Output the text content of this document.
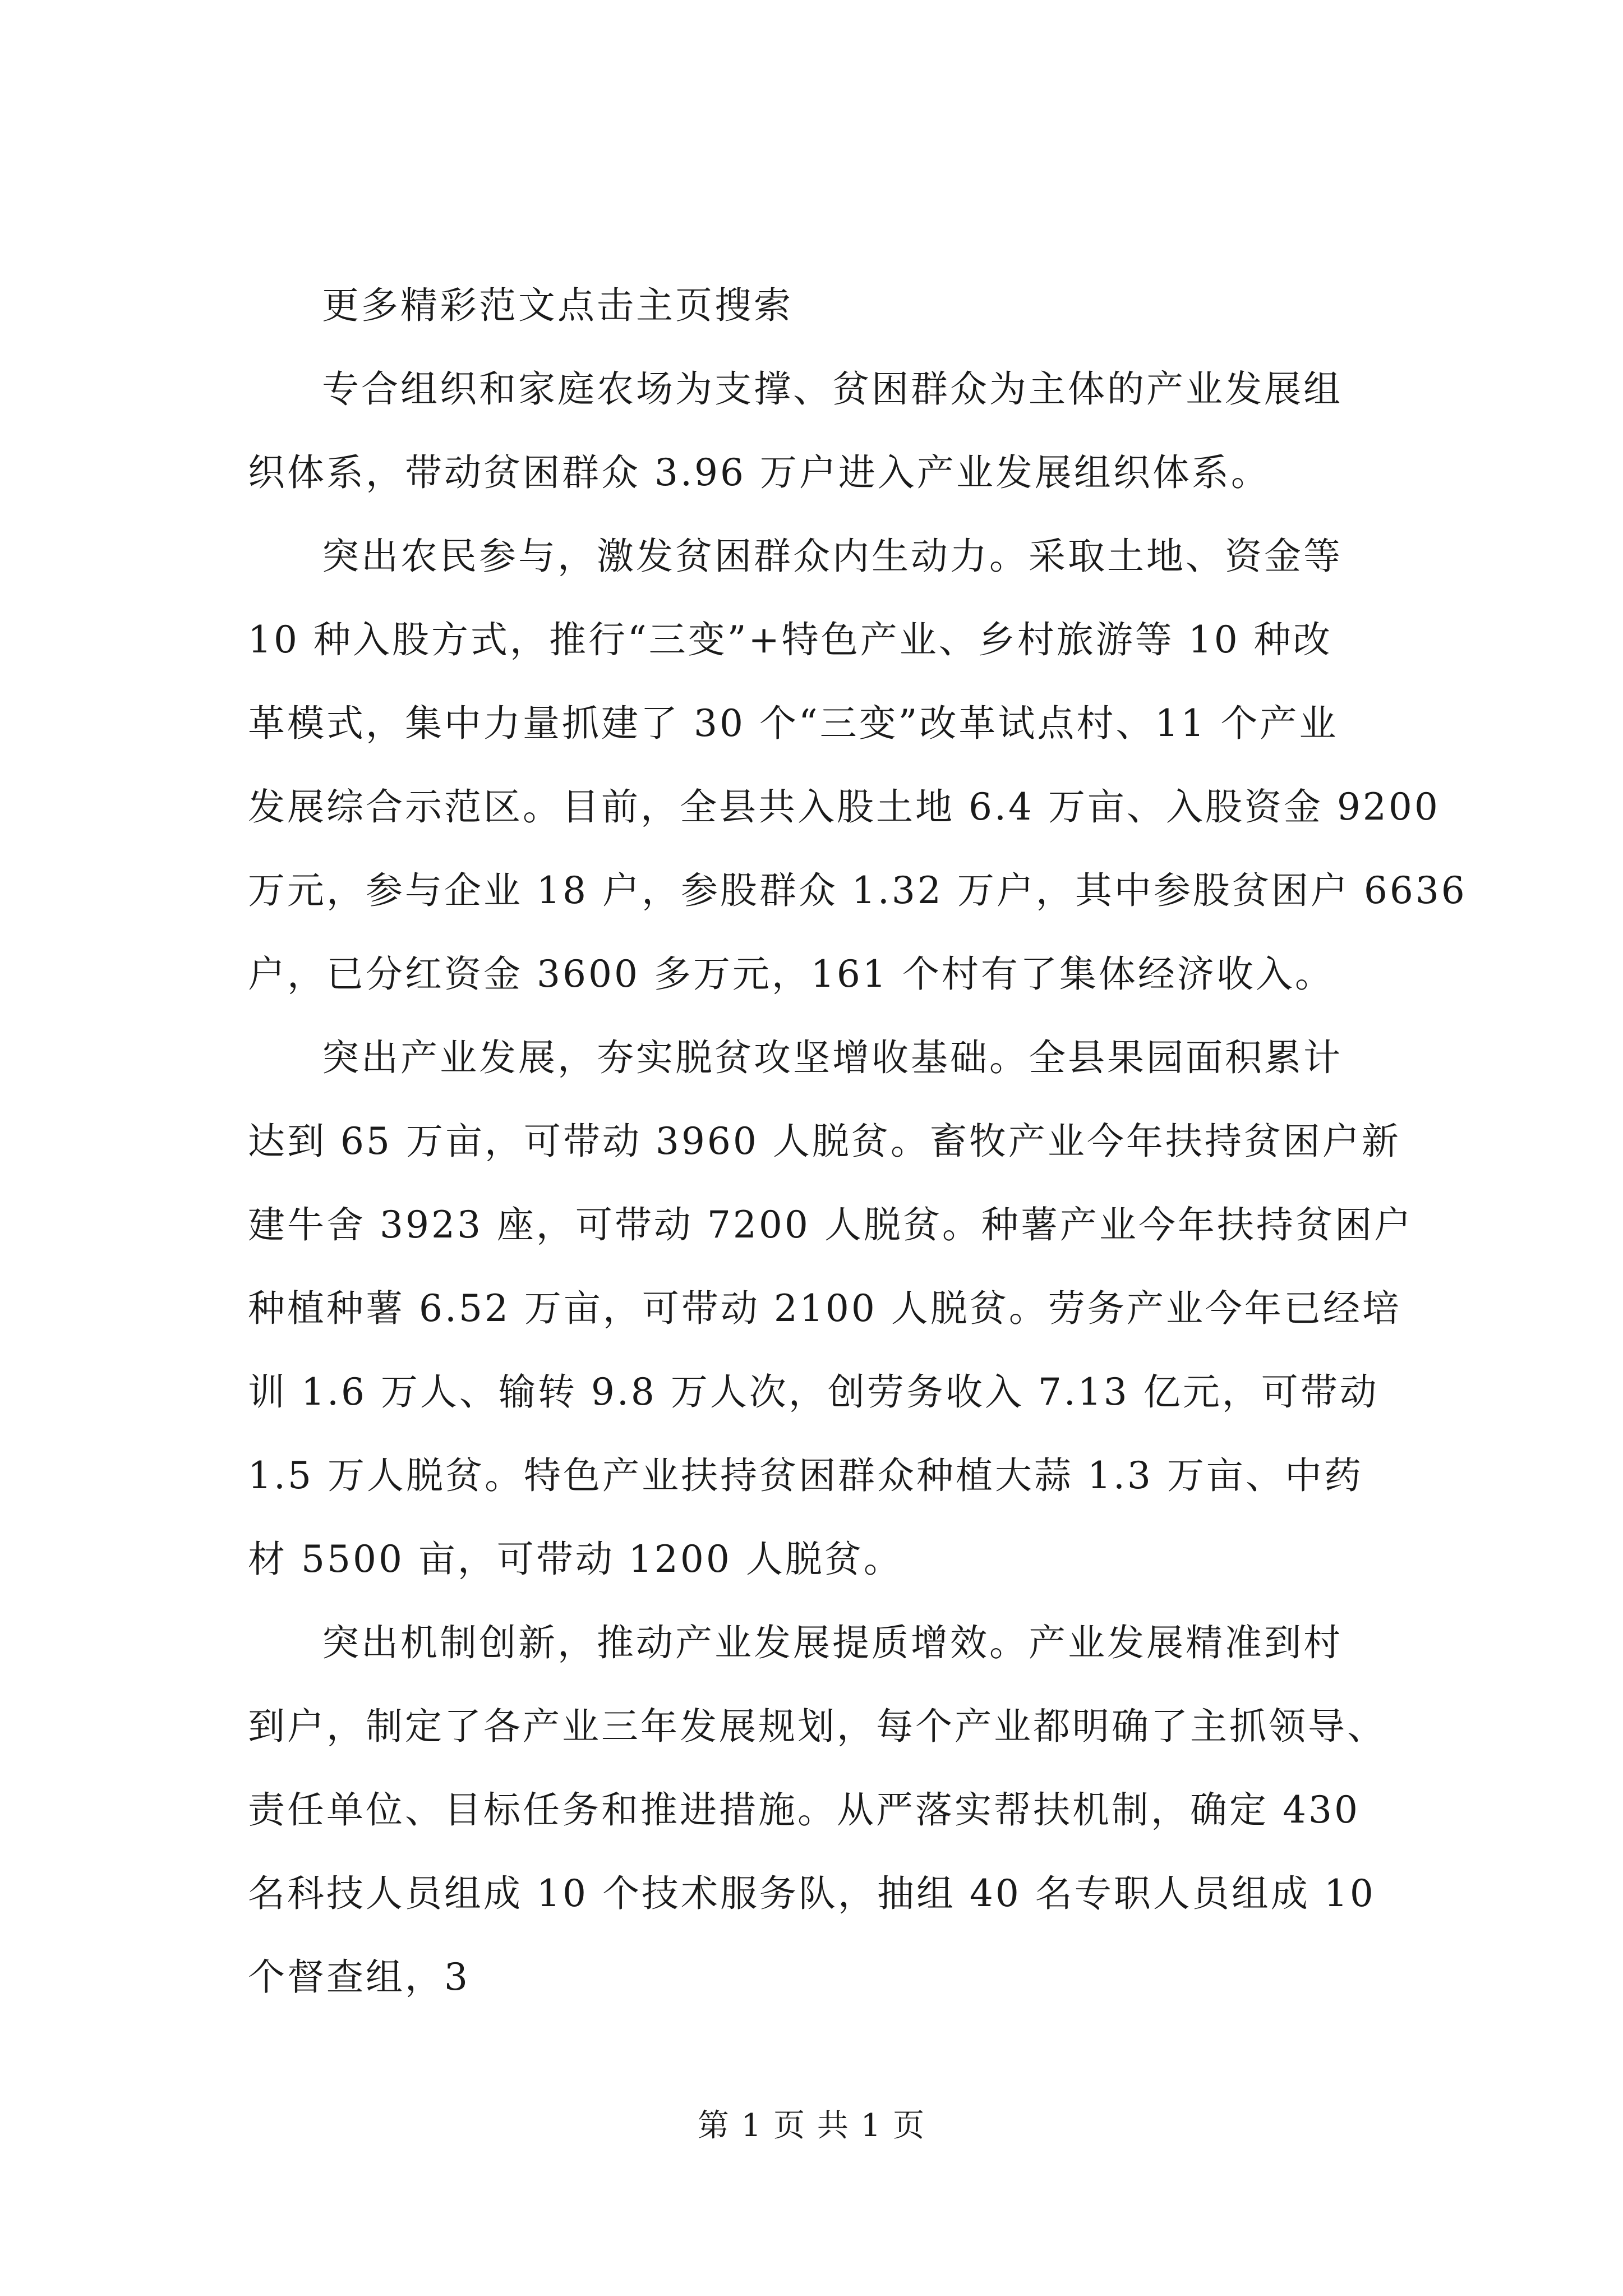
更多精彩范文点击主页搜索

专合组织和家庭农场为支撑、贫困群众为主体的产业发展组
织体系，带动贫困群众 3.96 万户进入产业发展组织体系。

突出农民参与，激发贫困群众内生动力。采取土地、资金等
10 种入股方式，推行“三变”+特色产业、乡村旅游等 10 种改
革模式，集中力量抓建了 30 个“三变”改革试点村、11 个产业
发展综合示范区。目前，全县共入股土地 6.4 万亩、入股资金 9200
万元，参与企业 18 户，参股群众 1.32 万户，其中参股贫困户 6636
户，已分红资金 3600 多万元，161 个村有了集体经济收入。

突出产业发展，夯实脱贫攻坚增收基础。全县果园面积累计
达到 65 万亩，可带动 3960 人脱贫。畜牧产业今年扶持贫困户新
建牛舍 3923 座，可带动 7200 人脱贫。种薯产业今年扶持贫困户
种植种薯 6.52 万亩，可带动 2100 人脱贫。劳务产业今年已经培
训 1.6 万人、输转 9.8 万人次，创劳务收入 7.13 亿元，可带动
1.5 万人脱贫。特色产业扶持贫困群众种植大蒜 1.3 万亩、中药
材 5500 亩，可带动 1200 人脱贫。

突出机制创新，推动产业发展提质增效。产业发展精准到村
到户，制定了各产业三年发展规划，每个产业都明确了主抓领导、
责任单位、目标任务和推进措施。从严落实帮扶机制，确定 430
名科技人员组成 10 个技术服务队，抽组 40 名专职人员组成 10
个督查组，3

第 1 页 共 1 页
